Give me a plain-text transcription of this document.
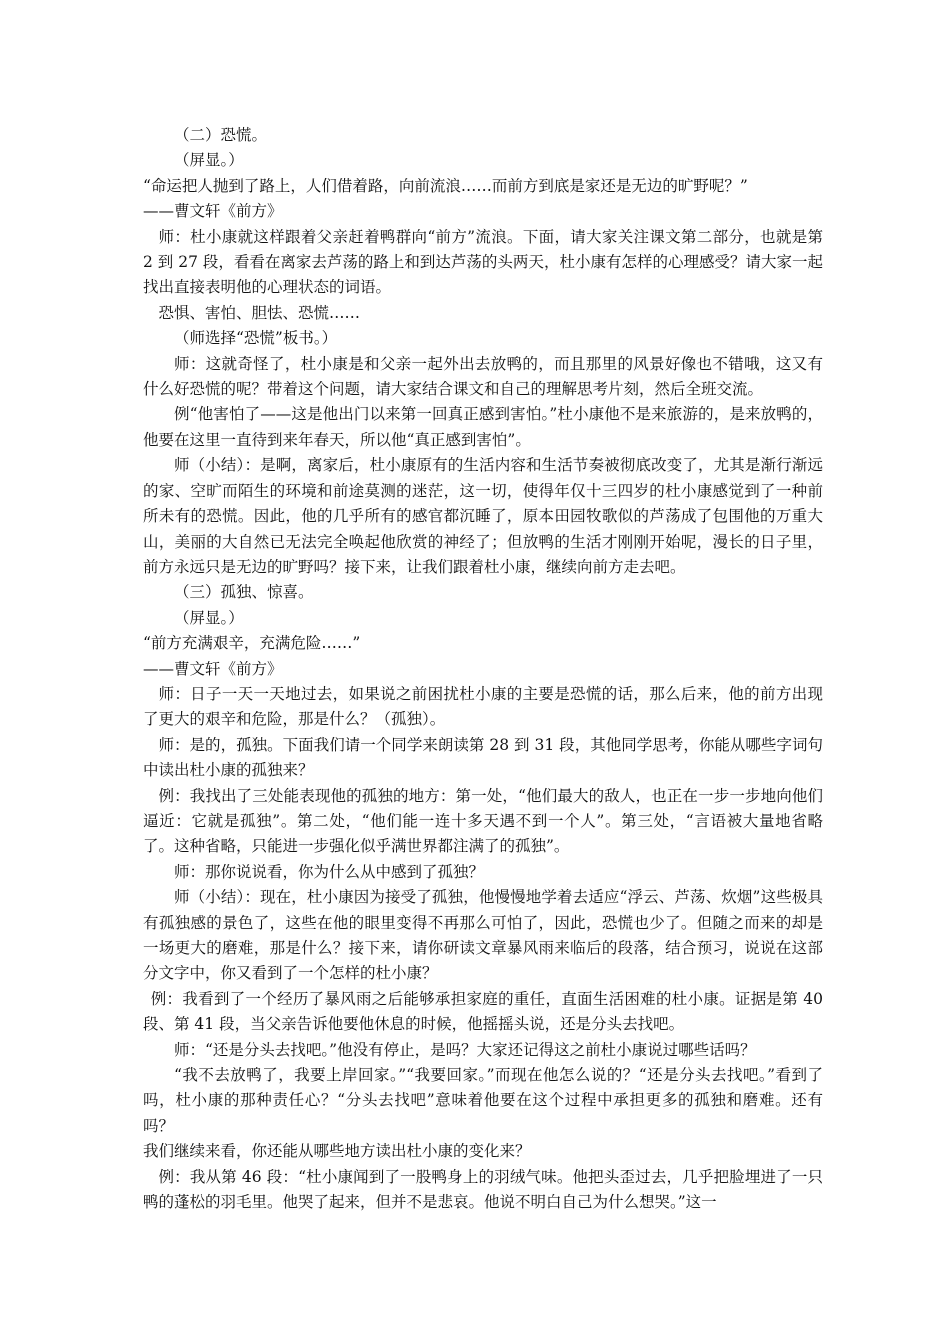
（二）恐慌。

（屏显。）

“命运把人抛到了路上，人们借着路，向前流浪……而前方到底是家还是无边的旷野呢？”

——曹文轩《前方》

师：杜小康就这样跟着父亲赶着鸭群向“前方”流浪。下面，请大家关注课文第二部分，也就是第 2 到 27 段，看看在离家去芦荡的路上和到达芦荡的头两天，杜小康有怎样的心理感受？请大家一起找出直接表明他的心理状态的词语。

恐惧、害怕、胆怯、恐慌……

（师选择“恐慌”板书。）

师：这就奇怪了，杜小康是和父亲一起外出去放鸭的，而且那里的风景好像也不错哦，这又有什么好恐慌的呢？带着这个问题，请大家结合课文和自己的理解思考片刻，然后全班交流。

例“他害怕了——这是他出门以来第一回真正感到害怕。”杜小康他不是来旅游的，是来放鸭的，他要在这里一直待到来年春天，所以他“真正感到害怕”。

师（小结）：是啊，离家后，杜小康原有的生活内容和生活节奏被彻底改变了，尤其是渐行渐远的家、空旷而陌生的环境和前途莫测的迷茫，这一切，使得年仅十三四岁的杜小康感觉到了一种前所未有的恐慌。因此，他的几乎所有的感官都沉睡了，原本田园牧歌似的芦荡成了包围他的万重大山，美丽的大自然已无法完全唤起他欣赏的神经了；但放鸭的生活才刚刚开始呢，漫长的日子里，前方永远只是无边的旷野吗？接下来，让我们跟着杜小康，继续向前方走去吧。

（三）孤独、惊喜。

（屏显。）

“前方充满艰辛，充满危险……”

——曹文轩《前方》

师：日子一天一天地过去，如果说之前困扰杜小康的主要是恐慌的话，那么后来，他的前方出现了更大的艰辛和危险，那是什么？（孤独）。

师：是的，孤独。下面我们请一个同学来朗读第 28 到 31 段，其他同学思考，你能从哪些字词句中读出杜小康的孤独来？

例：我找出了三处能表现他的孤独的地方：第一处，“他们最大的敌人，也正在一步一步地向他们逼近：它就是孤独”。第二处，“他们能一连十多天遇不到一个人”。第三处，“言语被大量地省略了。这种省略，只能进一步强化似乎满世界都注满了的孤独”。

师：那你说说看，你为什么从中感到了孤独？

师（小结）：现在，杜小康因为接受了孤独，他慢慢地学着去适应“浮云、芦荡、炊烟”这些极具有孤独感的景色了，这些在他的眼里变得不再那么可怕了，因此，恐慌也少了。但随之而来的却是一场更大的磨难，那是什么？接下来，请你研读文章暴风雨来临后的段落，结合预习，说说在这部分文字中，你又看到了一个怎样的杜小康？

例：我看到了一个经历了暴风雨之后能够承担家庭的重任，直面生活困难的杜小康。证据是第 40 段、第 41 段，当父亲告诉他要他休息的时候，他摇摇头说，还是分头去找吧。

师：“还是分头去找吧。”他没有停止，是吗？大家还记得这之前杜小康说过哪些话吗？

“我不去放鸭了，我要上岸回家。”“我要回家。”而现在他怎么说的？“还是分头去找吧。”看到了吗，杜小康的那种责任心？“分头去找吧”意味着他要在这个过程中承担更多的孤独和磨难。还有吗？

我们继续来看，你还能从哪些地方读出杜小康的变化来？

例：我从第 46 段：“杜小康闻到了一股鸭身上的羽绒气味。他把头歪过去，几乎把脸埋进了一只鸭的蓬松的羽毛里。他哭了起来，但并不是悲哀。他说不明白自己为什么想哭。”这一
